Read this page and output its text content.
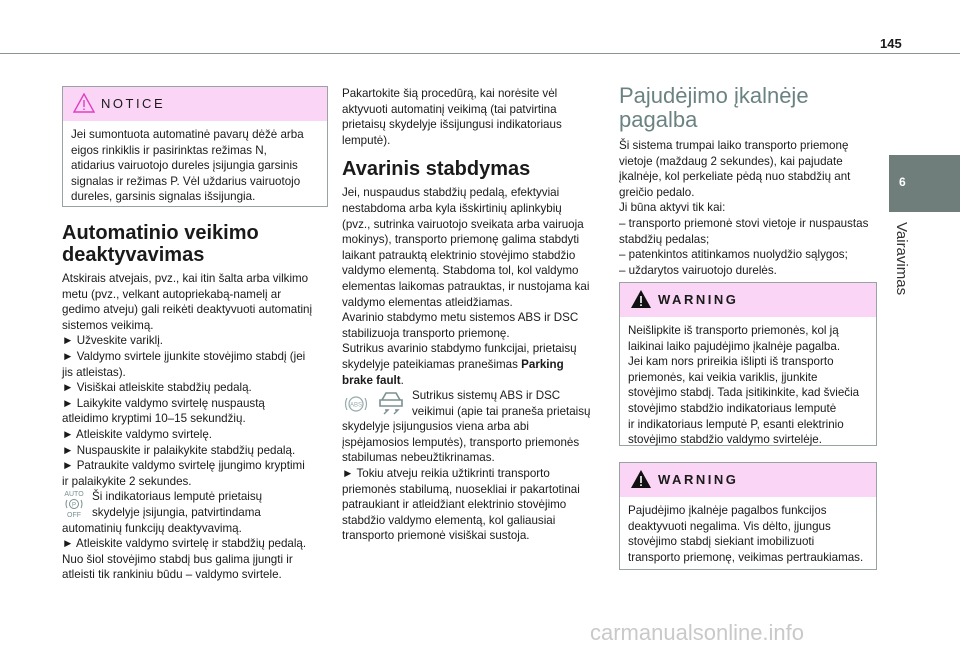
145
6
Vairavimas
NOTICE
Jei sumontuota automatinė pavarų dėžė arba
eigos rinkiklis ir pasirinktas režimas N,
atidarius vairuotojo dureles įsijungia garsinis
signalas ir režimas P. Vėl uždarius vairuotojo
dureles, garsinis signalas išsijungia.
Automatinio veikimo
deaktyvavimas
Atskirais atvejais, pvz., kai itin šalta arba vilkimo
metu (pvz., velkant autopriekabą-namelį ar
gedimo atveju) gali reikėti deaktyvuoti automatinį
sistemos veikimą.
► Užveskite variklį.
► Valdymo svirtele įjunkite stovėjimo stabdį (jei
jis atleistas).
► Visiškai atleiskite stabdžių pedalą.
► Laikykite valdymo svirtelę nuspaustą
atleidimo kryptimi 10–15 sekundžių.
► Atleiskite valdymo svirtelę.
► Nuspauskite ir palaikykite stabdžių pedalą.
► Patraukite valdymo svirtelę įjungimo kryptimi
ir palaikykite 2 sekundes.
AUTO
P
OFF
Ši indikatoriaus lemputė prietaisų
skydelyje įsijungia, patvirtindama
automatinių funkcijų deaktyvavimą.
► Atleiskite valdymo svirtelę ir stabdžių pedalą.
Nuo šiol stovėjimo stabdį bus galima įjungti ir
atleisti tik rankiniu būdu – valdymo svirtele.
Pakartokite šią procedūrą, kai norėsite vėl
aktyvuoti automatinį veikimą (tai patvirtina
prietaisų skydelyje išsijungusi indikatoriaus
lemputė).
Avarinis stabdymas
Jei, nuspaudus stabdžių pedalą, efektyviai
nestabdoma arba kyla išskirtinių aplinkybių
(pvz., sutrinka vairuotojo sveikata arba vairuoja
mokinys), transporto priemonę galima stabdyti
laikant patrauktą elektrinio stovėjimo stabdžio
valdymo elementą. Stabdoma tol, kol valdymo
elementas laikomas patrauktas, ir nustojama kai
valdymo elementas atleidžiamas.
Avarinio stabdymo metu sistemos ABS ir DSC
stabilizuoja transporto priemonę.
Sutrikus avarinio stabdymo funkcijai, prietaisų
skydelyje pateikiamas pranešimas Parking
brake fault.
ABS
Sutrikus sistemų ABS ir DSC
veikimui (apie tai praneša prietaisų
skydelyje įsijungusios viena arba abi
įspėjamosios lemputės), transporto priemonės
stabilumas nebeužtikrinamas.
► Tokiu atveju reikia užtikrinti transporto
priemonės stabilumą, nuosekliai ir pakartotinai
patraukiant ir atleidžiant elektrinio stovėjimo
stabdžio valdymo elementą, kol galiausiai
transporto priemonė visiškai sustoja.
Pajudėjimo įkalnėje
pagalba
Ši sistema trumpai laiko transporto priemonę
vietoje (maždaug 2 sekundes), kai pajudate
įkalnėje, kol perkeliate pėdą nuo stabdžių ant
greičio pedalo.
Ji būna aktyvi tik kai:
– transporto priemonė stovi vietoje ir nuspaustas
stabdžių pedalas;
– patenkintos atitinkamos nuolydžio sąlygos;
– uždarytos vairuotojo durelės.
WARNING
Neišlipkite iš transporto priemonės, kol ją
laikinai laiko pajudėjimo įkalnėje pagalba.
Jei kam nors prireikia išlipti iš transporto
priemonės, kai veikia variklis, įjunkite
stovėjimo stabdį. Tada įsitikinkite, kad šviečia
stovėjimo stabdžio indikatoriaus lemputė
ir indikatoriaus lemputė P, esanti elektrinio
stovėjimo stabdžio valdymo svirtelėje.
WARNING
Pajudėjimo įkalnėje pagalbos funkcijos
deaktyvuoti negalima. Vis dėlto, įjungus
stovėjimo stabdį siekiant imobilizuoti
transporto priemonę, veikimas pertraukiamas.
carmanualsonline.info
